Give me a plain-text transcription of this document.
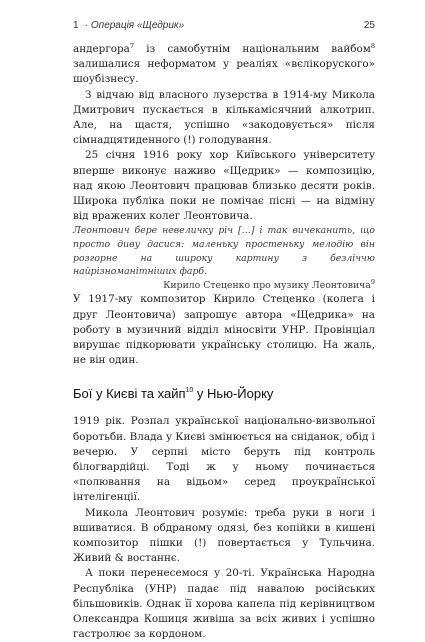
1 · Операція «Щедрик»	25

андергора$^7$ із самобутнім національним вайбом$^8$ залишалися неформатом у реаліях «вєлікоруского» шоубізнесу.

З відчаю від власного лузерства в 1914-му Микола Дмитрович пускається в кількамісячний алкотрип. Але, на щастя, успішно «закодовується» після сімнадцятиденного (!) голодування.

25 січня 1916 року хор Київського університету вперше виконує наживо «Щедрик» — композицію, над якою Леонтович працював близько десяти років. Широка публіка поки не помічає пісні — на відміну від вражених колег Леонтовича.

Леонтович бере невеличку річ […] і так вичеканить, що просто диву дасися: маленьку простеньку мелодію він розгорне на широку картину з безліччю найрізноманітніших фарб.

Кирило Стеценко про музику Леонтовича$^9$

У 1917-му композитор Кирило Стеценко (колега і друг Леонтовича) запрошує автора «Щедрика» на роботу в музичний відділ міносвіти УНР. Провінціал вирушає підкорювати українську столицю. На жаль, не він один.

Бої у Києві та хайп$^{10}$ у Нью-Йорку

1919 рік. Розпал української національно-визвольної боротьби. Влада у Києві змінюється на сніданок, обід і вечерю. У серпні місто беруть під контроль білогвардійці. Тоді ж у ньому починається «полювання на відьом» серед проукраїнської інтелігенції.

Микола Леонтович розуміє: треба руки в ноги і вшиватися. В обдраному одязі, без копійки в кишені композитор пішки (!) повертається у Тульчина. Живий & востаннє.

А поки перенесемося у 20-ті. Українська Народна Республіка (УНР) падає під навалою російських більшовиків. Однак її хорова капела під керівництвом Олександра Кошиця живіша за всіх живих і успішно гастролює за кордоном.
